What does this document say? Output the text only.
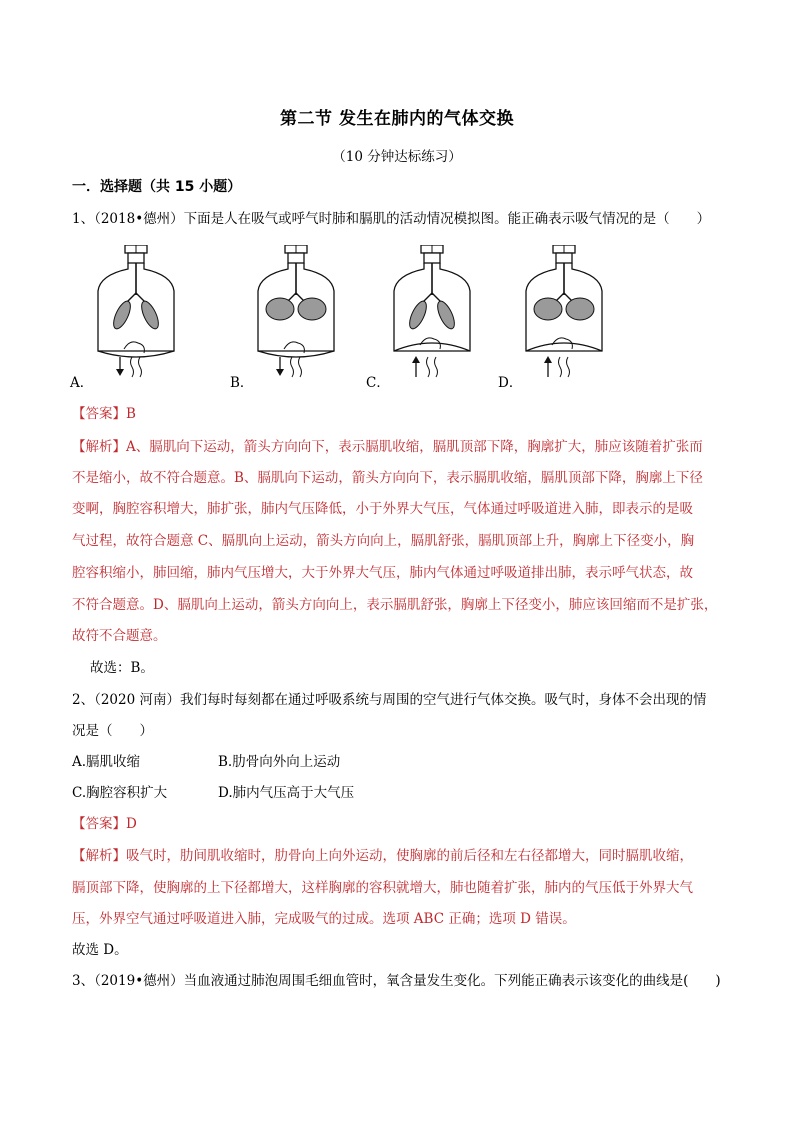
第二节 发生在肺内的气体交换
（10 分钟达标练习）
一．选择题（共 15 小题）
1、（2018•德州）下面是人在吸气或呼气时肺和膈肌的活动情况模拟图。能正确表示吸气情况的是（　　）
A．	B．	C．	D．
【答案】B
【解析】A、膈肌向下运动，箭头方向向下，表示膈肌收缩，膈肌顶部下降，胸廓扩大，肺应该随着扩张而
不是缩小，故不符合题意。B、膈肌向下运动，箭头方向向下，表示膈肌收缩，膈肌顶部下降，胸廓上下径
变啊，胸腔容积增大，肺扩张，肺内气压降低，小于外界大气压，气体通过呼吸道进入肺，即表示的是吸
气过程，故符合题意 C、膈肌向上运动，箭头方向向上，膈肌舒张，膈肌顶部上升，胸廓上下径变小，胸
腔容积缩小，肺回缩，肺内气压增大，大于外界大气压，肺内气体通过呼吸道排出肺，表示呼气状态，故
不符合题意。D、膈肌向上运动，箭头方向向上，表示膈肌舒张，胸廓上下径变小，肺应该回缩而不是扩张，
故符不合题意。
故选：B。
2、（2020 河南）我们每时每刻都在通过呼吸系统与周围的空气进行气体交换。吸气时，身体不会出现的情
况是（　　）
A.膈肌收缩	B.肋骨向外向上运动
C.胸腔容积扩大	D.肺内气压高于大气压
【答案】D
【解析】吸气时，肋间肌收缩时，肋骨向上向外运动，使胸廓的前后径和左右径都增大，同时膈肌收缩，
膈顶部下降，使胸廓的上下径都增大，这样胸廓的容积就增大，肺也随着扩张，肺内的气压低于外界大气
压，外界空气通过呼吸道进入肺，完成吸气的过成。选项 ABC 正确；选项 D 错误。
故选 D。
3、（2019•德州）当血液通过肺泡周围毛细血管时，氧含量发生变化。下列能正确表示该变化的曲线是(　　)
